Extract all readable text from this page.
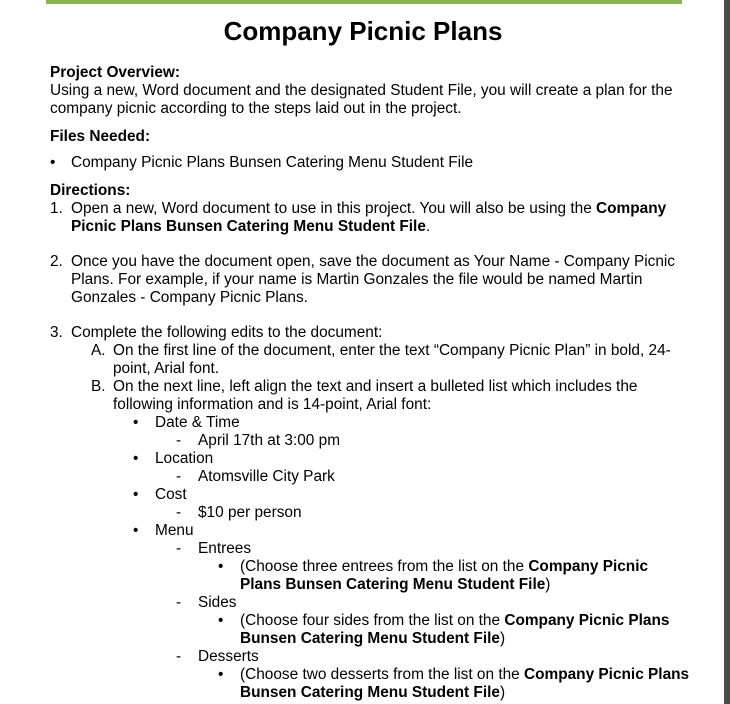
Company Picnic Plans
Project Overview:
Using a new, Word document and the designated Student File, you will create a plan for the company picnic according to the steps laid out in the project.
Files Needed:
•	Company Picnic Plans Bunsen Catering Menu Student File
Directions:
1. Open a new, Word document to use in this project. You will also be using the Company Picnic Plans Bunsen Catering Menu Student File.
2. Once you have the document open, save the document as Your Name - Company Picnic Plans. For example, if your name is Martin Gonzales the file would be named Martin Gonzales - Company Picnic Plans.
3. Complete the following edits to the document:
A. On the first line of the document, enter the text “Company Picnic Plan” in bold, 24-point, Arial font.
B. On the next line, left align the text and insert a bulleted list which includes the following information and is 14-point, Arial font:
•	Date & Time
-	April 17th at 3:00 pm
•	Location
-	Atomsville City Park
•	Cost
-	$10 per person
•	Menu
-	Entrees
•	(Choose three entrees from the list on the Company Picnic Plans Bunsen Catering Menu Student File)
-	Sides
•	(Choose four sides from the list on the Company Picnic Plans Bunsen Catering Menu Student File)
-	Desserts
•	(Choose two desserts from the list on the Company Picnic Plans Bunsen Catering Menu Student File)
